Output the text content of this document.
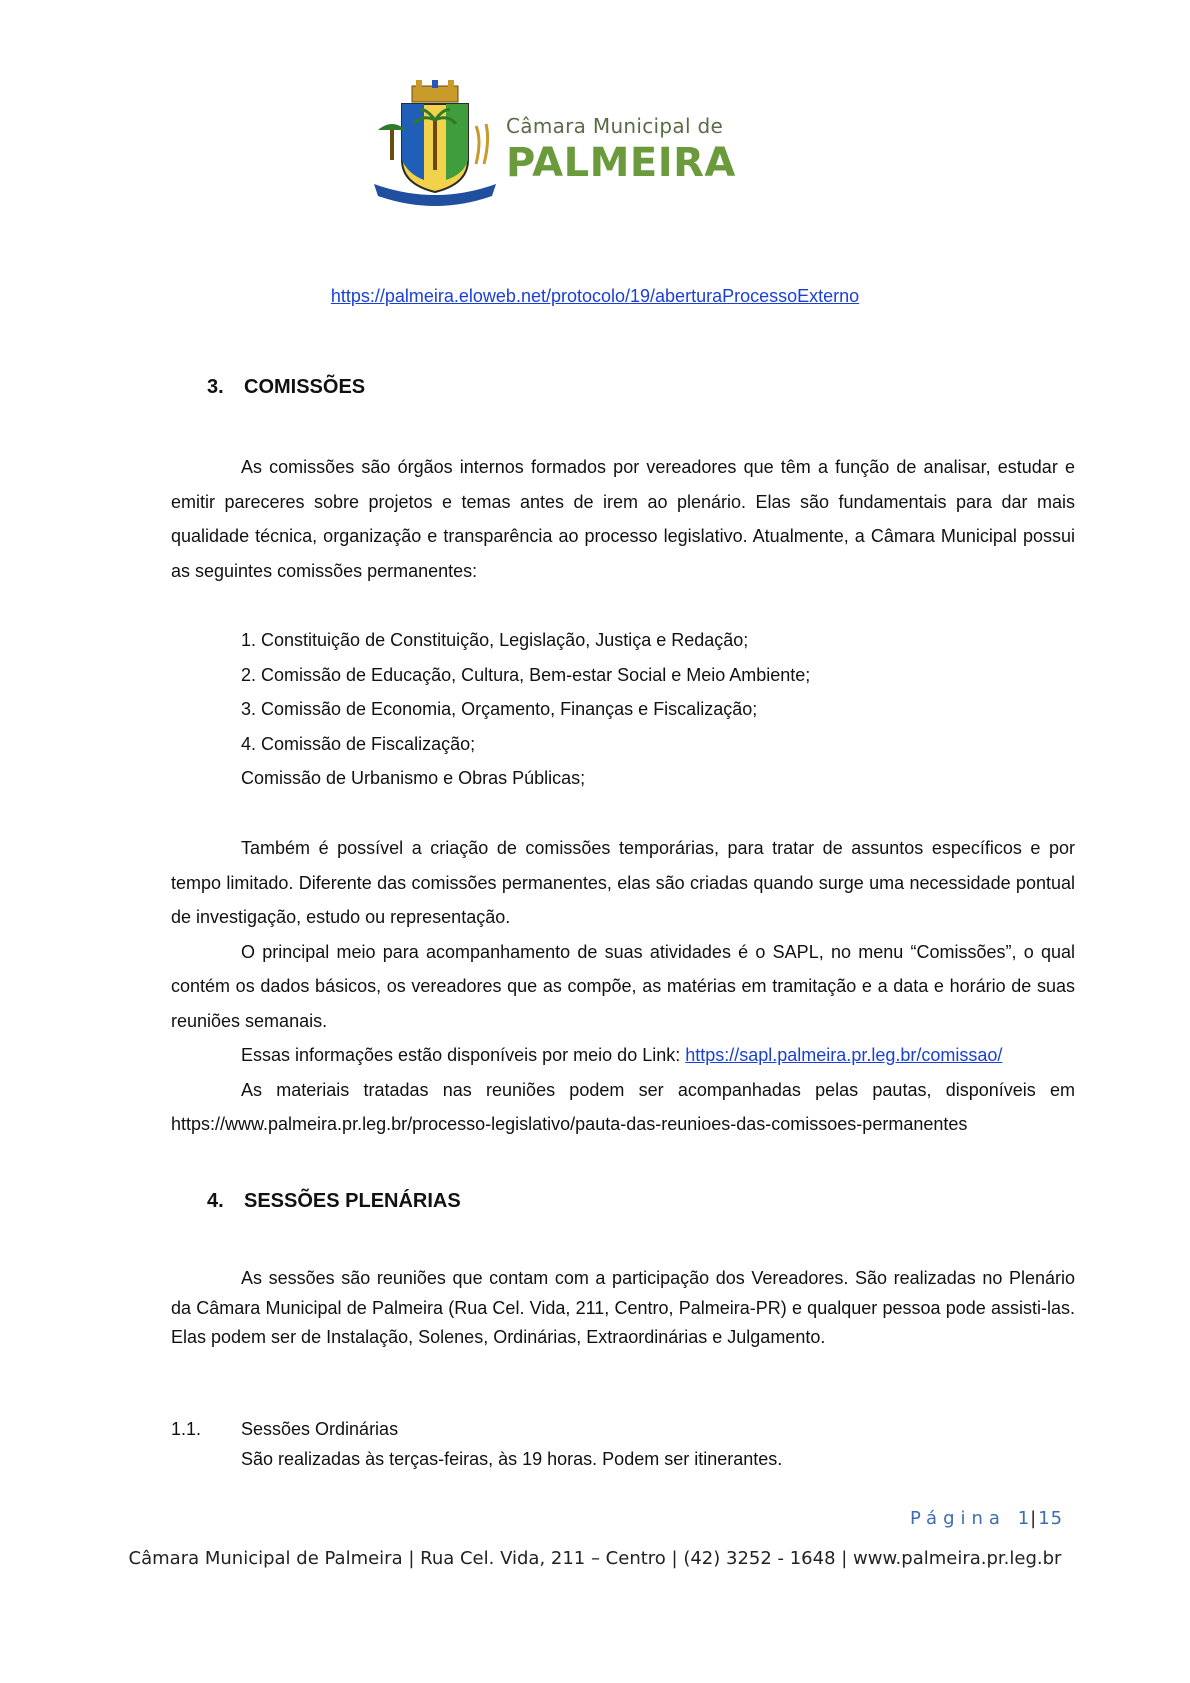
Câmara Municipal de
PALMEIRA
https://palmeira.eloweb.net/protocolo/19/aberturaProcessoExterno
3. COMISSÕES

As comissões são órgãos internos formados por vereadores que têm a função de analisar, estudar e emitir pareceres sobre projetos e temas antes de irem ao plenário. Elas são fundamentais para dar mais qualidade técnica, organização e transparência ao processo legislativo. Atualmente, a Câmara Municipal possui as seguintes comissões permanentes:

1. Constituição de Constituição, Legislação, Justiça e Redação;
2. Comissão de Educação, Cultura, Bem-estar Social e Meio Ambiente;
3. Comissão de Economia, Orçamento, Finanças e Fiscalização;
4. Comissão de Fiscalização;
Comissão de Urbanismo e Obras Públicas;

Também é possível a criação de comissões temporárias, para tratar de assuntos específicos e por tempo limitado. Diferente das comissões permanentes, elas são criadas quando surge uma necessidade pontual de investigação, estudo ou representação.

O principal meio para acompanhamento de suas atividades é o SAPL, no menu “Comissões”, o qual contém os dados básicos, os vereadores que as compõe, as matérias em tramitação e a data e horário de suas reuniões semanais.

Essas informações estão disponíveis por meio do Link: https://sapl.palmeira.pr.leg.br/comissao/

As materiais tratadas nas reuniões podem ser acompanhadas pelas pautas, disponíveis em https://www.palmeira.pr.leg.br/processo-legislativo/pauta-das-reunioes-das-comissoes-permanentes

4. SESSÕES PLENÁRIAS

As sessões são reuniões que contam com a participação dos Vereadores. São realizadas no Plenário da Câmara Municipal de Palmeira (Rua Cel. Vida, 211, Centro, Palmeira-PR) e qualquer pessoa pode assisti-las. Elas podem ser de Instalação, Solenes, Ordinárias, Extraordinárias e Julgamento.

1.1. Sessões Ordinárias
São realizadas às terças-feiras, às 19 horas. Podem ser itinerantes.
Página 1|15
Câmara Municipal de Palmeira | Rua Cel. Vida, 211 – Centro | (42) 3252 - 1648 | www.palmeira.pr.leg.br
